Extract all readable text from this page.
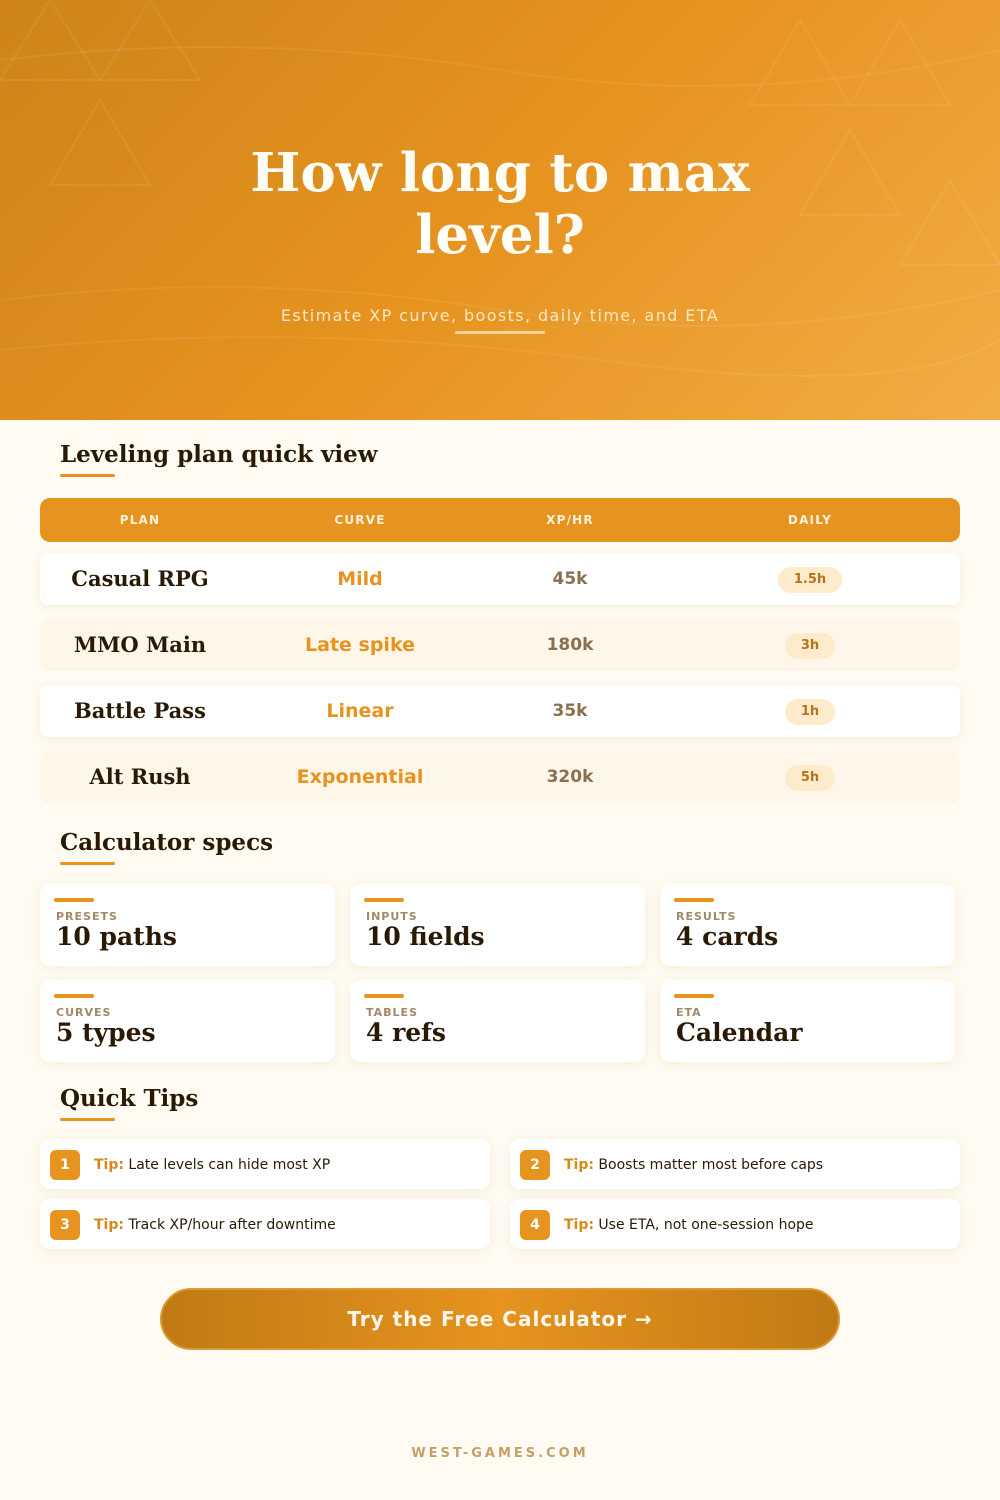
How long to max level?
Estimate XP curve, boosts, daily time, and ETA
Leveling plan quick view
PLAN	CURVE	XP/HR	DAILY
Casual RPG	Mild	45k	1.5h
MMO Main	Late spike	180k	3h
Battle Pass	Linear	35k	1h
Alt Rush	Exponential	320k	5h
Calculator specs
PRESETS
10 paths
INPUTS
10 fields
RESULTS
4 cards
CURVES
5 types
TABLES
4 refs
ETA
Calendar
Quick Tips
1	Tip: Late levels can hide most XP	2	Tip: Boosts matter most before caps
3	Tip: Track XP/hour after downtime	4	Tip: Use ETA, not one-session hope
Try the Free Calculator →
WEST-GAMES.COM
